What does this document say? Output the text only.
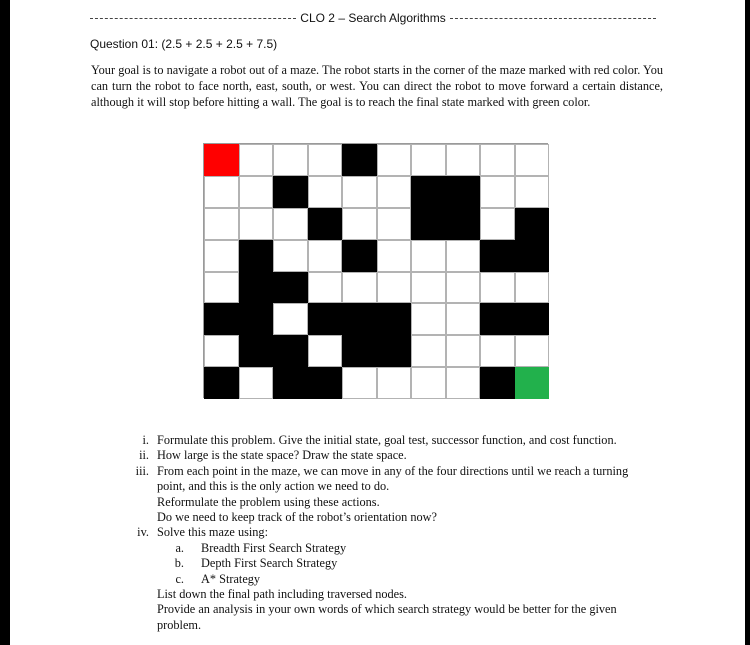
CLO 2 – Search Algorithms
Question 01: (2.5 + 2.5 + 2.5 + 7.5)

Your goal is to navigate a robot out of a maze. The robot starts in the corner of the maze marked with red color. You can turn the robot to face north, east, south, or west. You can direct the robot to move forward a certain distance, although it will stop before hitting a wall. The goal is to reach the final state marked with green color.

i. Formulate this problem. Give the initial state, goal test, successor function, and cost function.
ii. How large is the state space? Draw the state space.
iii. From each point in the maze, we can move in any of the four directions until we reach a turning
point, and this is the only action we need to do.
Reformulate the problem using these actions.
Do we need to keep track of the robot’s orientation now?
iv. Solve this maze using:
a. Breadth First Search Strategy
b. Depth First Search Strategy
c. A* Strategy
List down the final path including traversed nodes.
Provide an analysis in your own words of which search strategy would be better for the given
problem.
